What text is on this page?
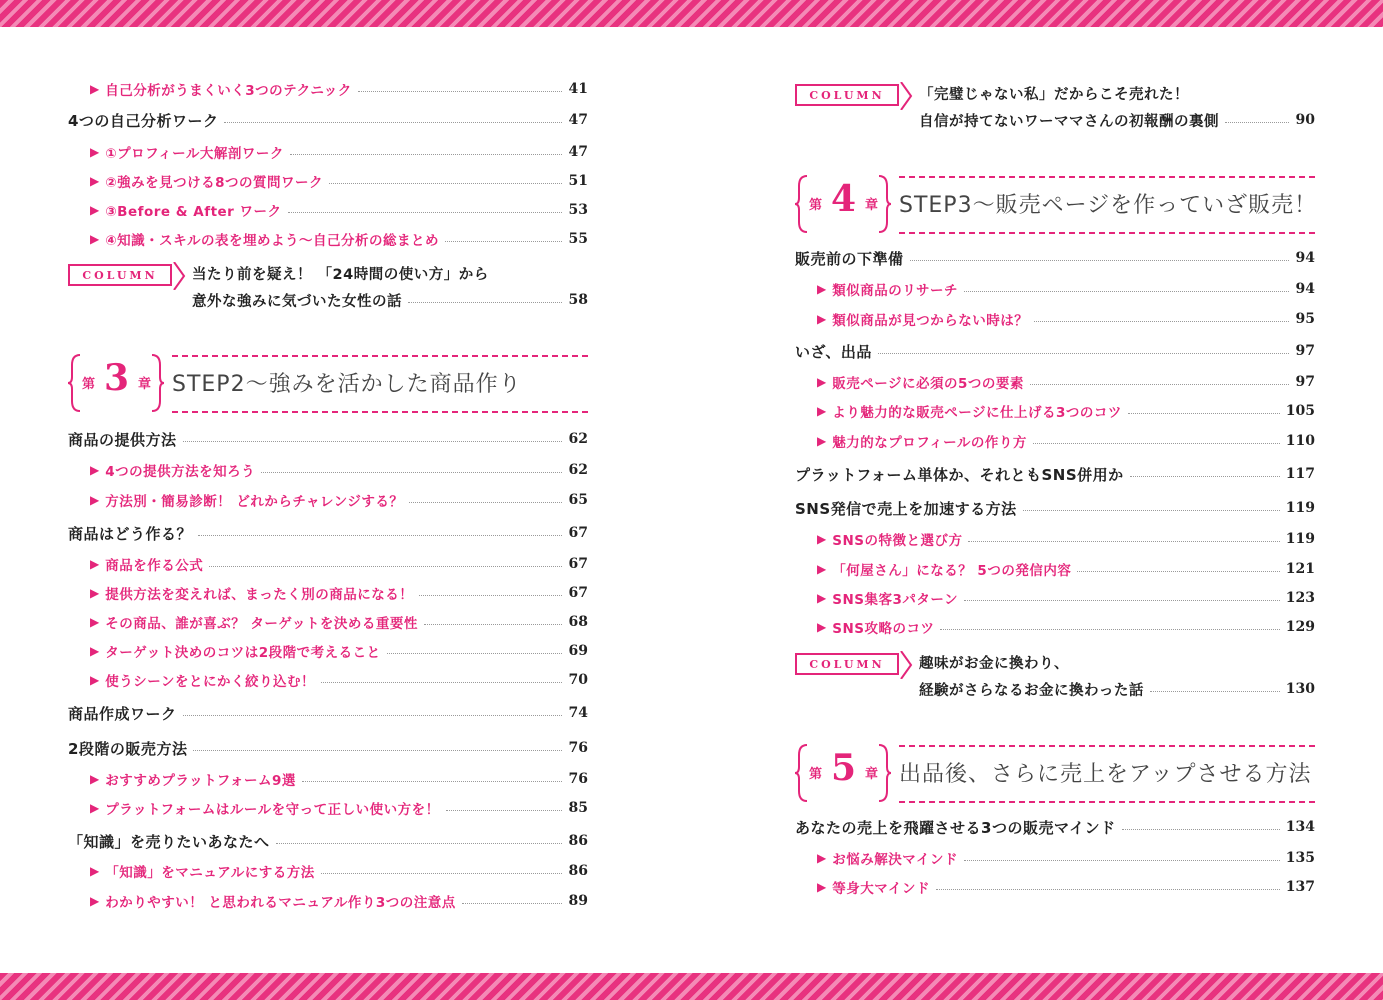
▶ 自己分析がうまくいく3つのテクニック	41
4つの自己分析ワーク	47
▶ ①プロフィール大解剖ワーク	47
▶ ②強みを見つける8つの質問ワーク	51
▶ ③Before & After ワーク	53
▶ ④知識・スキルの表を埋めよう～自己分析の総まとめ	55
COLUMN	当たり前を疑え！ 「24時間の使い方」から
意外な強みに気づいた女性の話	58
第 3 章 STEP2～強みを活かした商品作り
商品の提供方法	62
▶ 4つの提供方法を知ろう	62
▶ 方法別・簡易診断！ どれからチャレンジする？	65
商品はどう作る？	67
▶ 商品を作る公式	67
▶ 提供方法を変えれば、まったく別の商品になる！	67
▶ その商品、誰が喜ぶ？ ターゲットを決める重要性	68
▶ ターゲット決めのコツは2段階で考えること	69
▶ 使うシーンをとにかく絞り込む！	70
商品作成ワーク	74
2段階の販売方法	76
▶ おすすめプラットフォーム9選	76
▶ プラットフォームはルールを守って正しい使い方を！	85
「知識」を売りたいあなたへ	86
▶ 「知識」をマニュアルにする方法	86
▶ わかりやすい！ と思われるマニュアル作り3つの注意点	89
COLUMN	「完璧じゃない私」だからこそ売れた！
自信が持てないワーママさんの初報酬の裏側	90
第 4 章 STEP3～販売ページを作っていざ販売！
販売前の下準備	94
▶ 類似商品のリサーチ	94
▶ 類似商品が見つからない時は？	95
いざ、出品	97
▶ 販売ページに必須の5つの要素	97
▶ より魅力的な販売ページに仕上げる3つのコツ	105
▶ 魅力的なプロフィールの作り方	110
プラットフォーム単体か、それともSNS併用か	117
SNS発信で売上を加速する方法	119
▶ SNSの特徴と選び方	119
▶ 「何屋さん」になる？ 5つの発信内容	121
▶ SNS集客3パターン	123
▶ SNS攻略のコツ	129
COLUMN	趣味がお金に換わり、
経験がさらなるお金に換わった話	130
第 5 章 出品後、さらに売上をアップさせる方法
あなたの売上を飛躍させる3つの販売マインド	134
▶ お悩み解決マインド	135
▶ 等身大マインド	137
